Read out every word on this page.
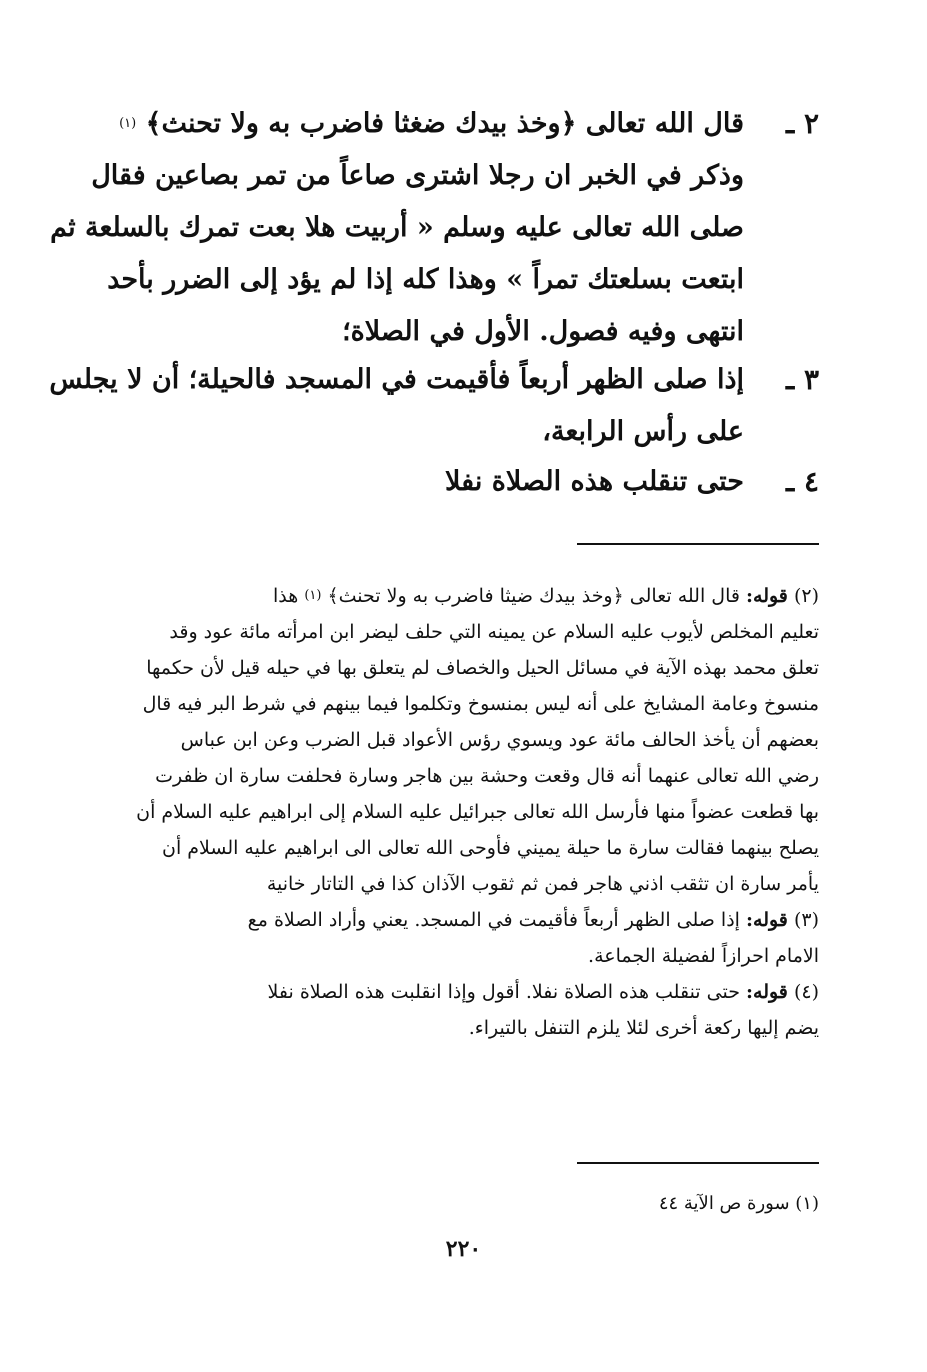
٢ ـ
قال الله تعالى ﴿وخذ بيدك ضغثا فاضرب به ولا تحنث﴾ $^{(١)}$
وذكر في الخبر ان رجلا اشترى صاعاً من تمر بصاعين فقال
صلى الله تعالى عليه وسلم « أربيت هلا بعت تمرك بالسلعة ثم
ابتعت بسلعتك تمراً » وهذا كله إذا لم يؤد إلى الضرر بأحد
انتهى وفيه فصول. الأول في الصلاة؛
٣ ـ
إذا صلى الظهر أربعاً فأقيمت في المسجد فالحيلة؛ أن لا يجلس
على رأس الرابعة،
٤ ـ
حتى تنقلب هذه الصلاة نفلا
(٢) قوله: قال الله تعالى ﴿وخذ بيدك ضيثا فاضرب به ولا تحنث﴾ $^{(١)}$ هذا
تعليم المخلص لأيوب عليه السلام عن يمينه التي حلف ليضر ابن امرأته مائة عود وقد
تعلق محمد بهذه الآية في مسائل الحيل والخصاف لم يتعلق بها في حيله قيل لأن حكمها
منسوخ وعامة المشايخ على أنه ليس بمنسوخ وتكلموا فيما بينهم في شرط البر فيه قال
بعضهم أن يأخذ الحالف مائة عود ويسوي رؤس الأعواد قبل الضرب وعن ابن عباس
رضي الله تعالى عنهما أنه قال وقعت وحشة بين هاجر وسارة فحلفت سارة ان ظفرت
بها قطعت عضواً منها فأرسل الله تعالى جبرائيل عليه السلام إلى ابراهيم عليه السلام أن
يصلح بينهما فقالت سارة ما حيلة يميني فأوحى الله تعالى الى ابراهيم عليه السلام أن
يأمر سارة ان تثقب اذني هاجر فمن ثم ثقوب الآذان كذا في التاتار خانية
(٣) قوله: إذا صلى الظهر أربعاً فأقيمت في المسجد. يعني وأراد الصلاة مع
الامام احرازاً لفضيلة الجماعة.
(٤) قوله: حتى تنقلب هذه الصلاة نفلا. أقول وإذا انقلبت هذه الصلاة نفلا
يضم إليها ركعة أخرى لئلا يلزم التنفل بالتيراء.
(١) سورة ص الآية ٤٤
٢٢٠
